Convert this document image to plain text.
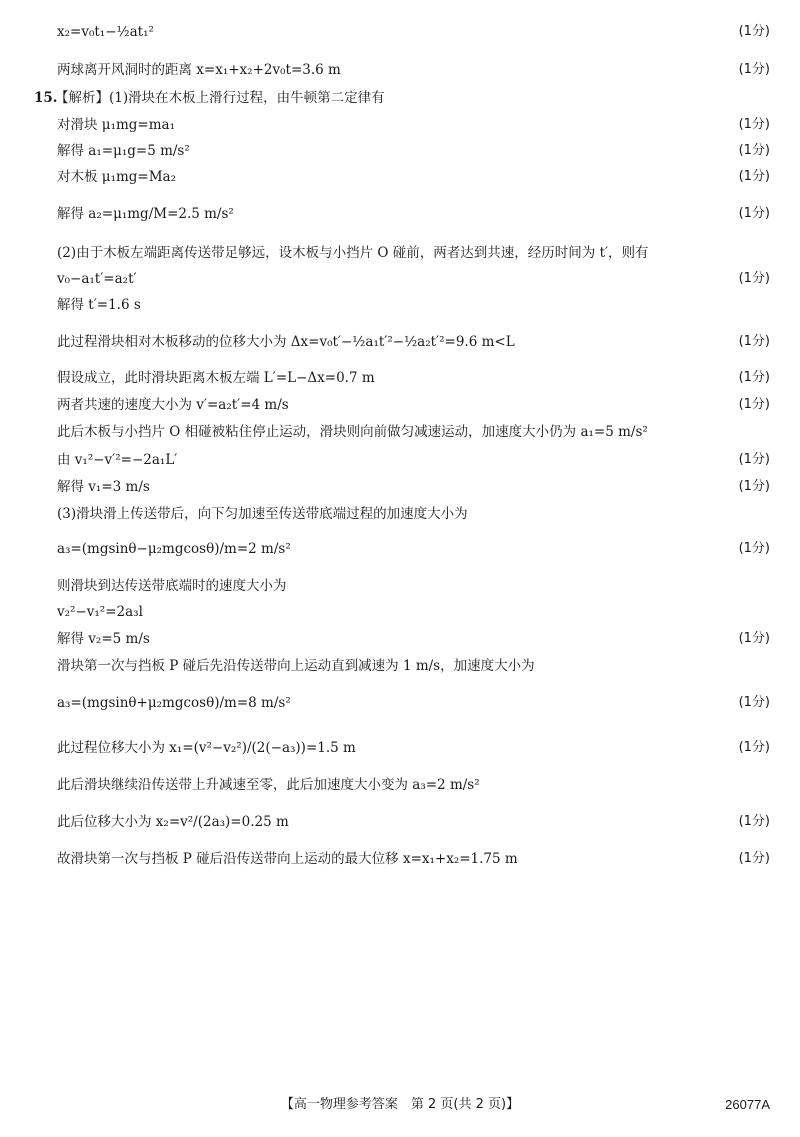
x₂=v₀t₁−½at₁²	(1分)
两球离开风洞时的距离 x=x₁+x₂+2v₀t=3.6 m	(1分)
15.
【解析】(1)滑块在木板上滑行过程，由牛顿第二定律有
对滑块 μ₁mg=ma₁	(1分)
解得 a₁=μ₁g=5 m/s²	(1分)
对木板 μ₁mg=Ma₂	(1分)
解得 a₂=μ₁mg/M=2.5 m/s²	(1分)
(2)由于木板左端距离传送带足够远，设木板与小挡片 O 碰前，两者达到共速，经历时间为 t′，则有
v₀−a₁t′=a₂t′	(1分)
解得 t′=1.6 s
此过程滑块相对木板移动的位移大小为 Δx=v₀t′−½a₁t′²−½a₂t′²=9.6 m<L	(1分)
假设成立，此时滑块距离木板左端 L′=L−Δx=0.7 m	(1分)
两者共速的速度大小为 v′=a₂t′=4 m/s	(1分)
此后木板与小挡片 O 相碰被粘住停止运动，滑块则向前做匀减速运动，加速度大小仍为 a₁=5 m/s²
由 v₁²−v′²=−2a₁L′	(1分)
解得 v₁=3 m/s	(1分)
(3)滑块滑上传送带后，向下匀加速至传送带底端过程的加速度大小为
a₃=(mgsinθ−μ₂mgcosθ)/m=2 m/s²	(1分)
则滑块到达传送带底端时的速度大小为
v₂²−v₁²=2a₃l
解得 v₂=5 m/s	(1分)
滑块第一次与挡板 P 碰后先沿传送带向上运动直到减速为 1 m/s，加速度大小为
a₃=(mgsinθ+μ₂mgcosθ)/m=8 m/s²	(1分)
此过程位移大小为 x₁=(v²−v₂²)/(2(−a₃))=1.5 m	(1分)
此后滑块继续沿传送带上升减速至零，此后加速度大小变为 a₃=2 m/s²
此后位移大小为 x₂=v²/(2a₃)=0.25 m	(1分)
故滑块第一次与挡板 P 碰后沿传送带向上运动的最大位移 x=x₁+x₂=1.75 m	(1分)
【高一物理参考答案　第 2 页(共 2 页)】	26077A
